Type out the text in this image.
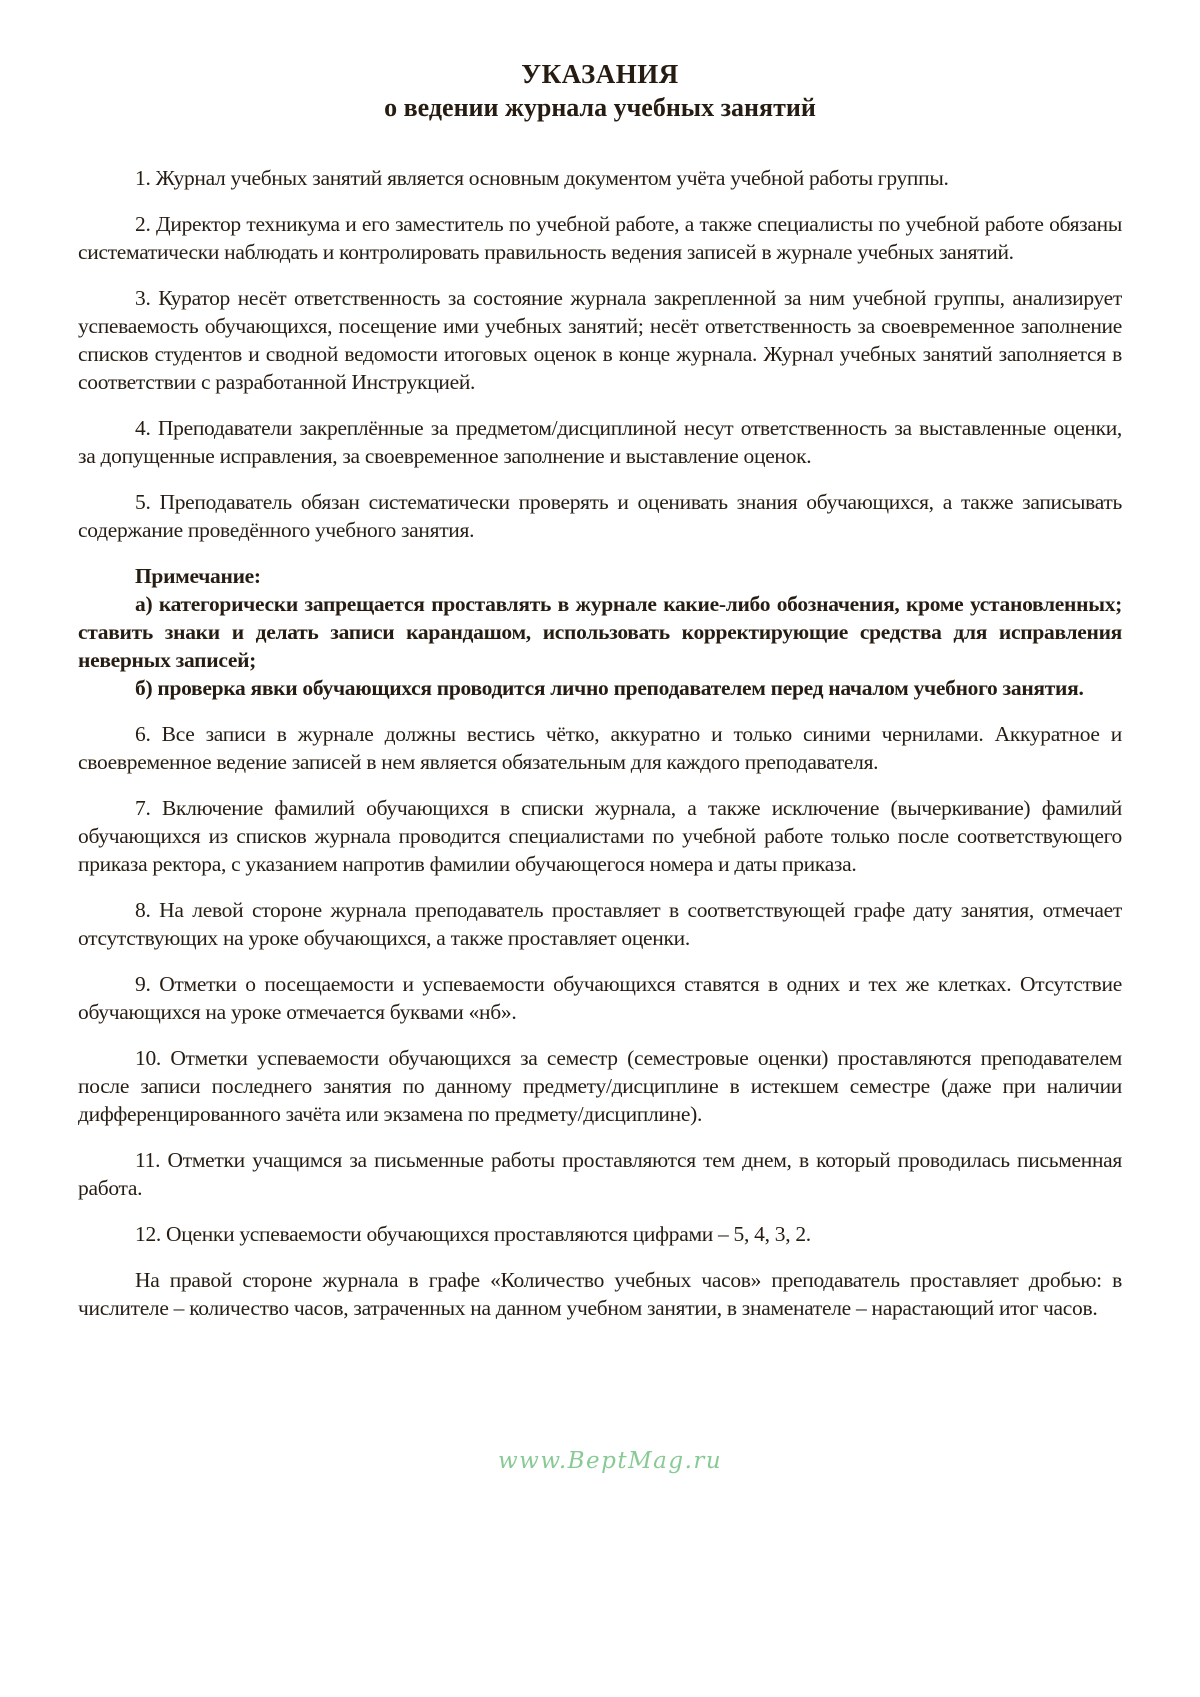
www.BeptMag.ru
УКАЗАНИЯ
о ведении журнала учебных занятий

1. Журнал учебных занятий является основным документом учёта учебной работы группы.

2. Директор техникума и его заместитель по учебной работе, а также специалисты по учебной работе обязаны систематически наблюдать и контролировать правильность ведения записей в журнале учебных занятий.

3. Куратор несёт ответственность за состояние журнала закрепленной за ним учебной группы, анализирует успеваемость обучающихся, посещение ими учебных занятий; несёт ответственность за своевременное заполнение списков студентов и сводной ведомости итоговых оценок в конце журнала. Журнал учебных занятий заполняется в соответствии с разработанной Инструкцией.

4. Преподаватели закреплённые за предметом/дисциплиной несут ответственность за выставленные оценки, за допущенные исправления, за своевременное заполнение и выставление оценок.

5. Преподаватель обязан систематически проверять и оценивать знания обучающихся, а также записывать содержание проведённого учебного занятия.

Примечание:

а) категорически запрещается проставлять в журнале какие-либо обозначения, кроме установленных; ставить знаки и делать записи карандашом, использовать корректирующие средства для исправления неверных записей;

б) проверка явки обучающихся проводится лично преподавателем перед началом учебного занятия.

6. Все записи в журнале должны вестись чётко, аккуратно и только синими чернилами. Аккуратное и своевременное ведение записей в нем является обязательным для каждого преподавателя.

7. Включение фамилий обучающихся в списки журнала, а также исключение (вычеркивание) фамилий обучающихся из списков журнала проводится специалистами по учебной работе только после соответствующего приказа ректора, с указанием напротив фамилии обучающегося номера и даты приказа.

8. На левой стороне журнала преподаватель проставляет в соответствующей графе дату занятия, отмечает отсутствующих на уроке обучающихся, а также проставляет оценки.

9. Отметки о посещаемости и успеваемости обучающихся ставятся в одних и тех же клетках. Отсутствие обучающихся на уроке отмечается буквами «нб».

10. Отметки успеваемости обучающихся за семестр (семестровые оценки) проставляются преподавателем после записи последнего занятия по данному предмету/дисциплине в истекшем семестре (даже при наличии дифференцированного зачёта или экзамена по предмету/дисциплине).

11. Отметки учащимся за письменные работы проставляются тем днем, в который проводилась письменная работа.

12. Оценки успеваемости обучающихся проставляются цифрами – 5, 4, 3, 2.

На правой стороне журнала в графе «Количество учебных часов» преподаватель проставляет дробью: в числителе – количество часов, затраченных на данном учебном занятии, в знаменателе – нарастающий итог часов.
